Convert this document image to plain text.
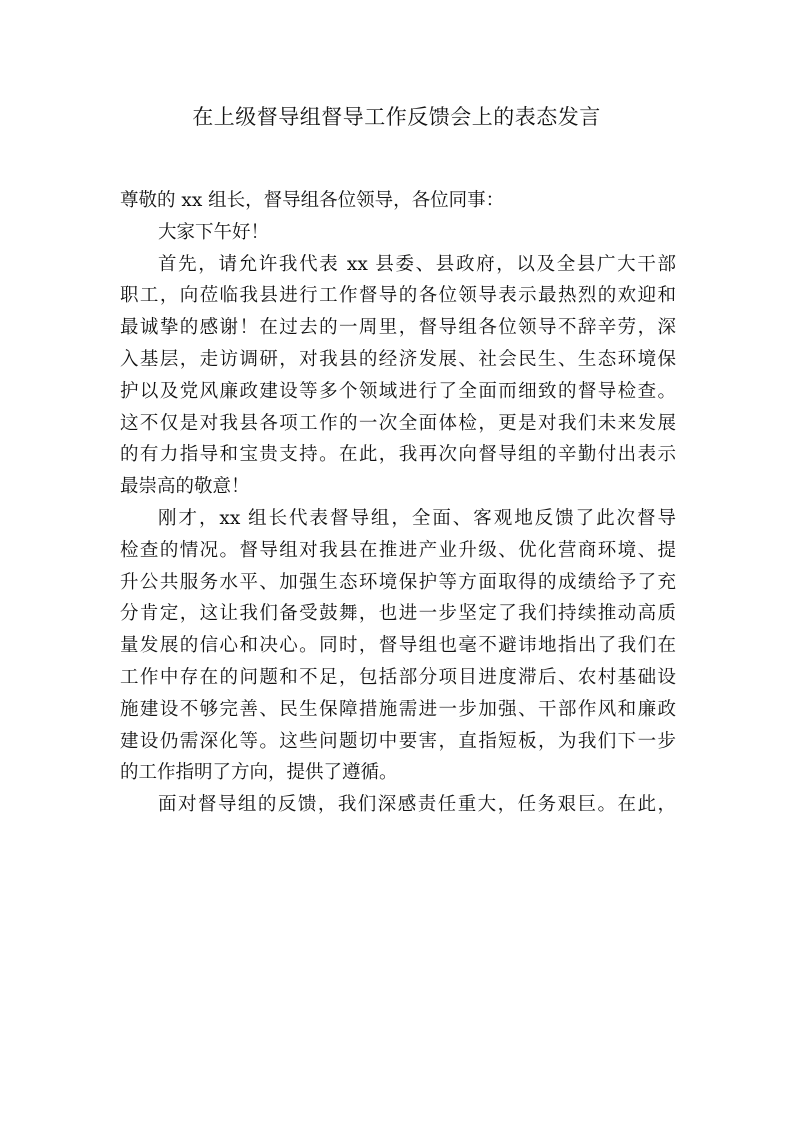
在上级督导组督导工作反馈会上的表态发言
尊敬的 xx 组长，督导组各位领导，各位同事：
大家下午好！
首先，请允许我代表 xx 县委、县政府，以及全县广大干部
职工，向莅临我县进行工作督导的各位领导表示最热烈的欢迎和
最诚挚的感谢！在过去的一周里，督导组各位领导不辞辛劳，深
入基层，走访调研，对我县的经济发展、社会民生、生态环境保
护以及党风廉政建设等多个领域进行了全面而细致的督导检查。
这不仅是对我县各项工作的一次全面体检，更是对我们未来发展
的有力指导和宝贵支持。在此，我再次向督导组的辛勤付出表示
最崇高的敬意！
刚才，xx 组长代表督导组，全面、客观地反馈了此次督导
检查的情况。督导组对我县在推进产业升级、优化营商环境、提
升公共服务水平、加强生态环境保护等方面取得的成绩给予了充
分肯定，这让我们备受鼓舞，也进一步坚定了我们持续推动高质
量发展的信心和决心。同时，督导组也毫不避讳地指出了我们在
工作中存在的问题和不足，包括部分项目进度滞后、农村基础设
施建设不够完善、民生保障措施需进一步加强、干部作风和廉政
建设仍需深化等。这些问题切中要害，直指短板，为我们下一步
的工作指明了方向，提供了遵循。
面对督导组的反馈，我们深感责任重大，任务艰巨。在此，
